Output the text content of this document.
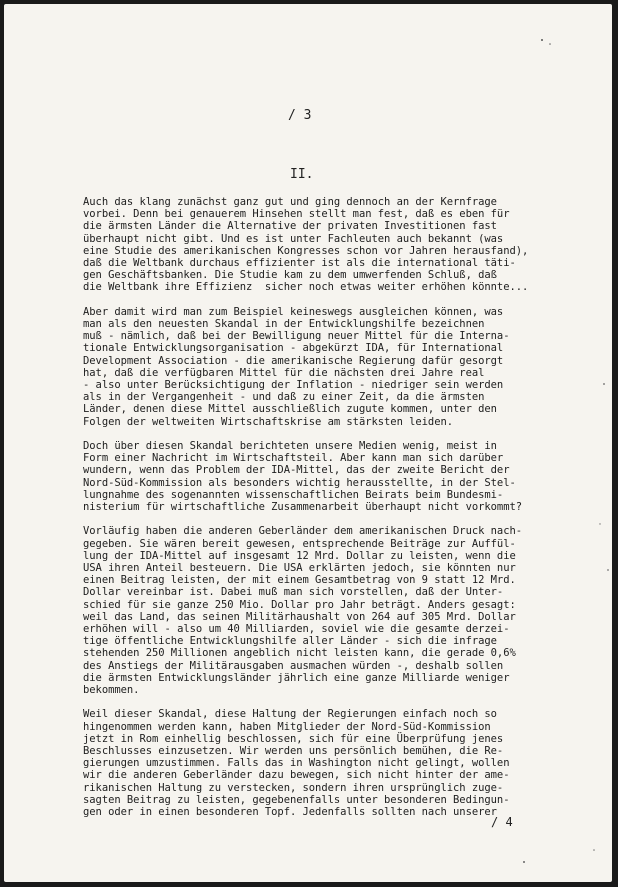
/ 3
II.
Auch das klang zunächst ganz gut und ging dennoch an der Kernfrage
vorbei. Denn bei genauerem Hinsehen stellt man fest, daß es eben für
die ärmsten Länder die Alternative der privaten Investitionen fast
überhaupt nicht gibt. Und es ist unter Fachleuten auch bekannt (was
eine Studie des amerikanischen Kongresses schon vor Jahren herausfand),
daß die Weltbank durchaus effizienter ist als die international täti-
gen Geschäftsbanken. Die Studie kam zu dem umwerfenden Schluß, daß
die Weltbank ihre Effizienz  sicher noch etwas weiter erhöhen könnte...
Aber damit wird man zum Beispiel keineswegs ausgleichen können, was
man als den neuesten Skandal in der Entwicklungshilfe bezeichnen
muß - nämlich, daß bei der Bewilligung neuer Mittel für die Interna-
tionale Entwicklungsorganisation - abgekürzt IDA, für International
Development Association - die amerikanische Regierung dafür gesorgt
hat, daß die verfügbaren Mittel für die nächsten drei Jahre real
- also unter Berücksichtigung der Inflation - niedriger sein werden
als in der Vergangenheit - und daß zu einer Zeit, da die ärmsten
Länder, denen diese Mittel ausschließlich zugute kommen, unter den
Folgen der weltweiten Wirtschaftskrise am stärksten leiden.
Doch über diesen Skandal berichteten unsere Medien wenig, meist in
Form einer Nachricht im Wirtschaftsteil. Aber kann man sich darüber
wundern, wenn das Problem der IDA-Mittel, das der zweite Bericht der
Nord-Süd-Kommission als besonders wichtig herausstellte, in der Stel-
lungnahme des sogenannten wissenschaftlichen Beirats beim Bundesmi-
nisterium für wirtschaftliche Zusammenarbeit überhaupt nicht vorkommt?
Vorläufig haben die anderen Geberländer dem amerikanischen Druck nach-
gegeben. Sie wären bereit gewesen, entsprechende Beiträge zur Auffül-
lung der IDA-Mittel auf insgesamt 12 Mrd. Dollar zu leisten, wenn die
USA ihren Anteil besteuern. Die USA erklärten jedoch, sie könnten nur
einen Beitrag leisten, der mit einem Gesamtbetrag von 9 statt 12 Mrd.
Dollar vereinbar ist. Dabei muß man sich vorstellen, daß der Unter-
schied für sie ganze 250 Mio. Dollar pro Jahr beträgt. Anders gesagt:
weil das Land, das seinen Militärhaushalt von 264 auf 305 Mrd. Dollar
erhöhen will - also um 40 Milliarden, soviel wie die gesamte derzei-
tige öffentliche Entwicklungshilfe aller Länder - sich die infrage
stehenden 250 Millionen angeblich nicht leisten kann, die gerade 0,6%
des Anstiegs der Militärausgaben ausmachen würden -, deshalb sollen
die ärmsten Entwicklungsländer jährlich eine ganze Milliarde weniger
bekommen.
Weil dieser Skandal, diese Haltung der Regierungen einfach noch so
hingenommen werden kann, haben Mitglieder der Nord-Süd-Kommission
jetzt in Rom einhellig beschlossen, sich für eine Überprüfung jenes
Beschlusses einzusetzen. Wir werden uns persönlich bemühen, die Re-
gierungen umzustimmen. Falls das in Washington nicht gelingt, wollen
wir die anderen Geberländer dazu bewegen, sich nicht hinter der ame-
rikanischen Haltung zu verstecken, sondern ihren ursprünglich zuge-
sagten Beitrag zu leisten, gegebenenfalls unter besonderen Bedingun-
gen oder in einen besonderen Topf. Jedenfalls sollten nach unserer
/ 4
